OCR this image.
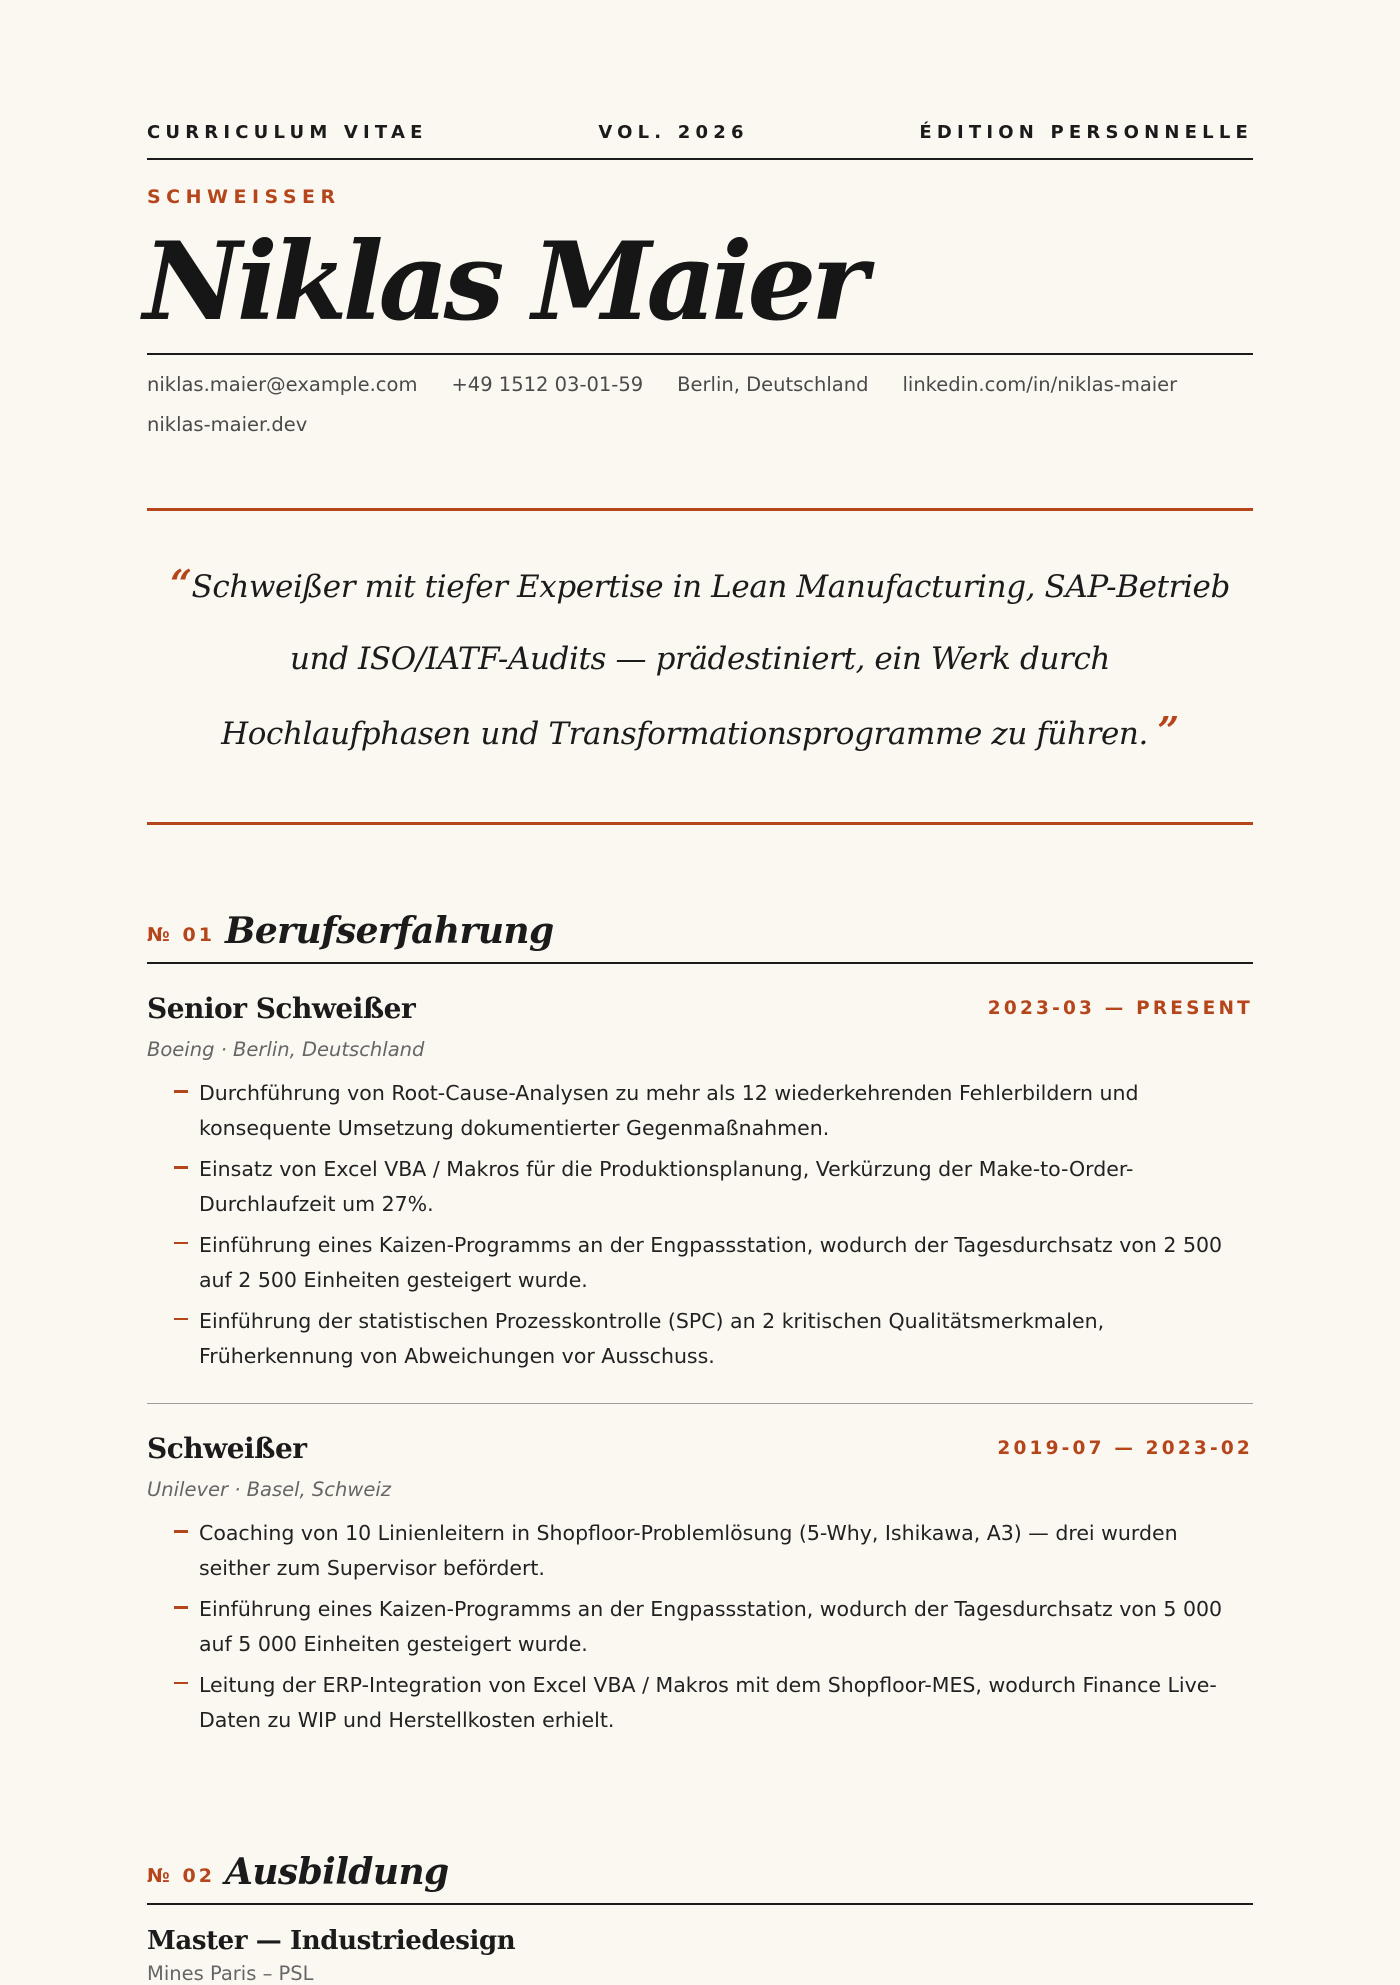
CURRICULUM VITAE	VOL. 2026	ÉDITION PERSONNELLE
SCHWEISSER
Niklas Maier
niklas.maier@example.com +49 1512 03-01-59 Berlin, Deutschland linkedin.com/in/niklas-maier
niklas-maier.dev
“Schweißer mit tiefer Expertise in Lean Manufacturing, SAP-Betrieb und ISO/IATF-Audits — prädestiniert, ein Werk durch Hochlaufphasen und Transformationsprogramme zu führen. ”
№ 01 Berufserfahrung
Senior Schweißer	2023-03 — PRESENT
Boeing · Berlin, Deutschland
Durchführung von Root-Cause-Analysen zu mehr als 12 wiederkehrenden Fehlerbildern und konsequente Umsetzung dokumentierter Gegenmaßnahmen.
Einsatz von Excel VBA / Makros für die Produktionsplanung, Verkürzung der Make-to-Order-Durchlaufzeit um 27%.
Einführung eines Kaizen-Programms an der Engpassstation, wodurch der Tagesdurchsatz von 2 500 auf 2 500 Einheiten gesteigert wurde.
Einführung der statistischen Prozesskontrolle (SPC) an 2 kritischen Qualitätsmerkmalen, Früherkennung von Abweichungen vor Ausschuss.
Schweißer	2019-07 — 2023-02
Unilever · Basel, Schweiz
Coaching von 10 Linienleitern in Shopfloor-Problemlösung (5-Why, Ishikawa, A3) — drei wurden seither zum Supervisor befördert.
Einführung eines Kaizen-Programms an der Engpassstation, wodurch der Tagesdurchsatz von 5 000 auf 5 000 Einheiten gesteigert wurde.
Leitung der ERP-Integration von Excel VBA / Makros mit dem Shopfloor-MES, wodurch Finance Live-Daten zu WIP und Herstellkosten erhielt.
№ 02 Ausbildung
Master — Industriedesign
Mines Paris – PSL
